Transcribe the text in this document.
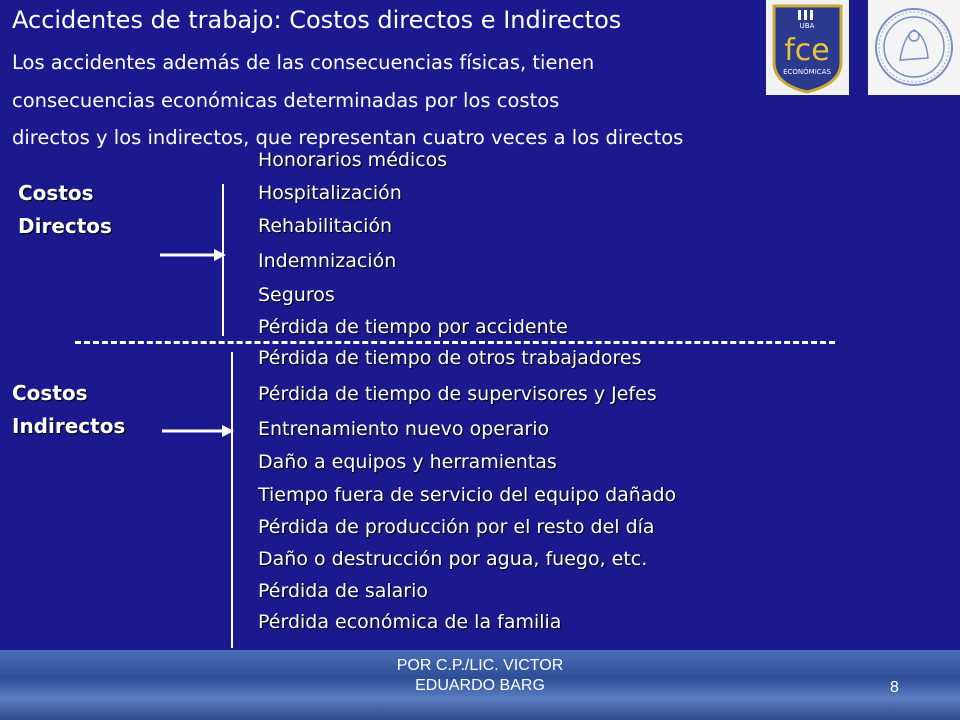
Accidentes de trabajo: Costos directos e Indirectos
Los accidentes además de las consecuencias físicas, tienen
consecuencias económicas determinadas por los costos
directos y los indirectos, que representan cuatro veces a los directos
UBA
fce
ECONÓMICAS
Costos
Directos
Honorarios médicos
Hospitalización
Rehabilitación
Indemnización
Seguros
Pérdida de tiempo por accidente
Costos
Indirectos
Pérdida de tiempo de otros trabajadores
Pérdida de tiempo de supervisores y Jefes
Entrenamiento nuevo operario
Daño a equipos y herramientas
Tiempo fuera de servicio del equipo dañado
Pérdida de producción por el resto del día
Daño o destrucción por agua, fuego, etc.
Pérdida de salario
Pérdida económica de la familia
POR C.P./LIC. VICTOR
EDUARDO BARG	8
